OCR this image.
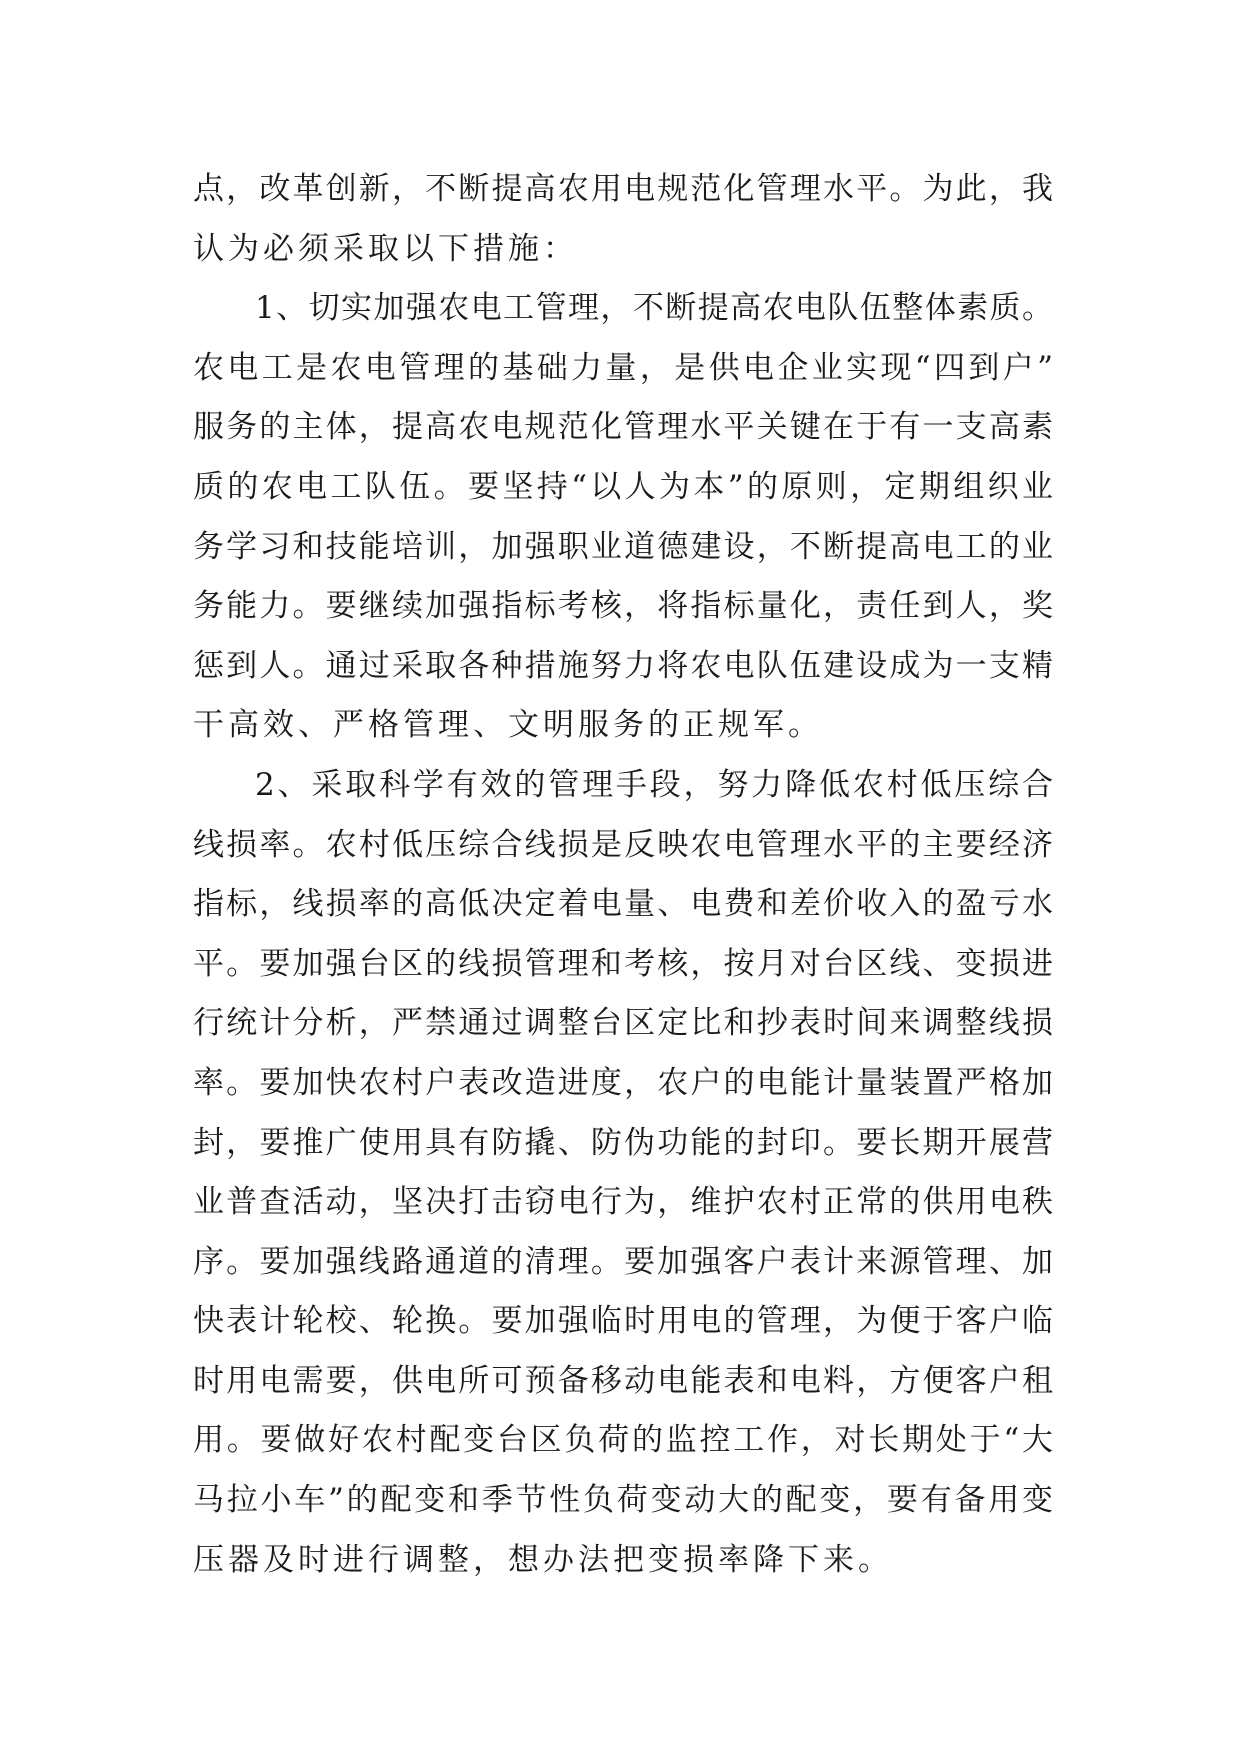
点，改革创新，不断提高农用电规范化管理水平。为此，我
认为必须采取以下措施：
1、切实加强农电工管理，不断提高农电队伍整体素质。
农电工是农电管理的基础力量，是供电企业实现“四到户”
服务的主体，提高农电规范化管理水平关键在于有一支高素
质的农电工队伍。要坚持“以人为本”的原则，定期组织业
务学习和技能培训，加强职业道德建设，不断提高电工的业
务能力。要继续加强指标考核，将指标量化，责任到人，奖
惩到人。通过采取各种措施努力将农电队伍建设成为一支精
干高效、严格管理、文明服务的正规军。
2、采取科学有效的管理手段，努力降低农村低压综合
线损率。农村低压综合线损是反映农电管理水平的主要经济
指标，线损率的高低决定着电量、电费和差价收入的盈亏水
平。要加强台区的线损管理和考核，按月对台区线、变损进
行统计分析，严禁通过调整台区定比和抄表时间来调整线损
率。要加快农村户表改造进度，农户的电能计量装置严格加
封，要推广使用具有防撬、防伪功能的封印。要长期开展营
业普查活动，坚决打击窃电行为，维护农村正常的供用电秩
序。要加强线路通道的清理。要加强客户表计来源管理、加
快表计轮校、轮换。要加强临时用电的管理，为便于客户临
时用电需要，供电所可预备移动电能表和电料，方便客户租
用。要做好农村配变台区负荷的监控工作，对长期处于“大
马拉小车”的配变和季节性负荷变动大的配变，要有备用变
压器及时进行调整，想办法把变损率降下来。
